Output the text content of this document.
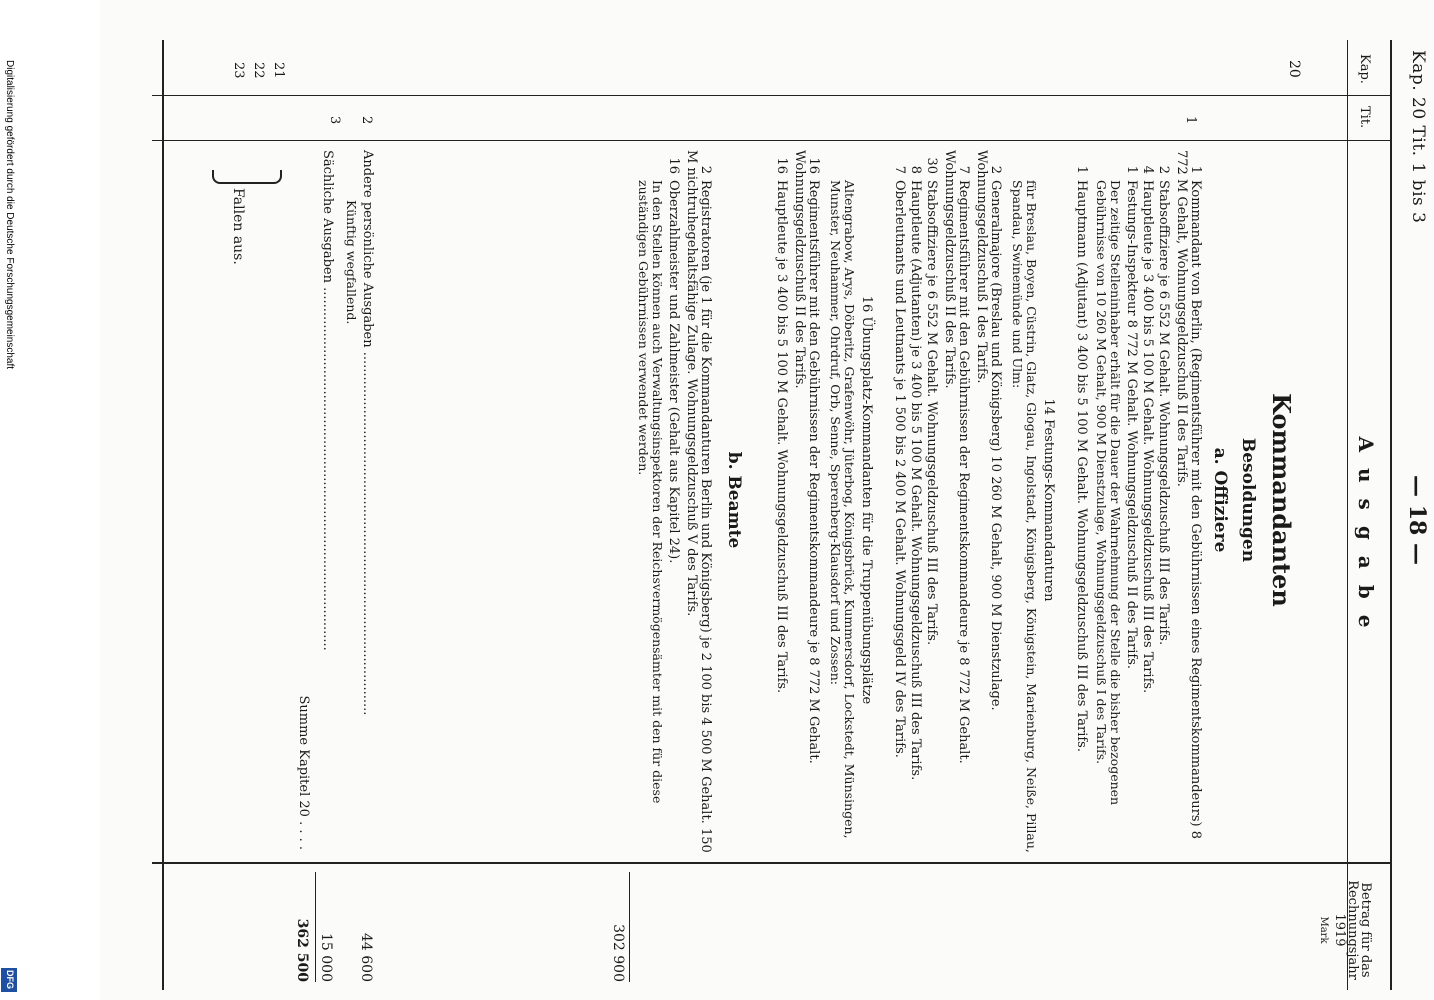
Kap. 20 Tit. 1 bis 3
— 18 —
Kap.
Tit.
Ausgabe
Betrag für das Rechnungsjahr 1919
Mark
20
1
2
3
21
22
23
Kommandanten
Besoldungen
a. Offiziere
1Kommandant von Berlin, (Regimentsführer mit den Gebührnissen eines Regimentskommandeurs) 8 772 M Gehalt, Wohnungsgeldzuschuß II des Tarifs.
2Stabsoffiziere je 6 552 M Gehalt. Wohnungsgeldzuschuß III des Tarifs.
4Hauptleute je 3 400 bis 5 100 M Gehalt. Wohnungsgeldzuschuß III des Tarifs.
1Festungs-Inspekteur 8 772 M Gehalt. Wohnungsgeldzuschuß II des Tarifs.
Der zeitige Stelleninhaber erhält für die Dauer der Wahrnehmung der Stelle die bisher bezogenen Gebührnisse von 10 260 M Gehalt, 900 M Dienstzulage, Wohnungsgeldzuschuß I des Tarifs.
1Hauptmann (Adjutant) 3 400 bis 5 100 M Gehalt. Wohnungsgeldzuschuß III des Tarifs.
14 Festungs-Kommandanturen
für Breslau, Boyen, Cüstrin, Glatz, Glogau, Ingolstadt, Königsberg, Königstein, Marienburg, Neiße, Pillau, Spandau, Swinemünde und Ulm:
2Generalmajore (Breslau und Königsberg) 10 260 M Gehalt, 900 M Dienstzulage. Wohnungsgeldzuschuß I des Tarifs.
7Regimentsführer mit den Gebührnissen der Regimentskommandeure je 8 772 M Gehalt. Wohnungsgeldzuschuß II des Tarifs.
30Stabsoffiziere je 6 552 M Gehalt. Wohnungsgeldzuschuß III des Tarifs.
8Hauptleute (Adjutanten) je 3 400 bis 5 100 M Gehalt. Wohnungsgeldzuschuß III des Tarifs.
7Oberleutnants und Leutnants je 1 500 bis 2 400 M Gehalt. Wohnungsgeld IV des Tarifs.
16 Übungsplatz-Kommandanten für die Truppenübungsplätze
Altengrabow, Arys, Döberitz, Grafenwöhr, Jüterbog, Königsbrück, Kummersdorf, Lockstedt, Münsingen, Munster, Neuhammer, Ohrdruf, Orb, Senne, Sperenberg-Klausdorf und Zossen:
16Regimentsführer mit den Gebührnissen der Regimentskommandeure je 8 772 M Gehalt. Wohnungsgeldzuschuß II des Tarifs.
16Hauptleute je 3 400 bis 5 100 M Gehalt. Wohnungsgeldzuschuß III des Tarifs.
b. Beamte
2Registratoren (je 1 für die Kommandanturen Berlin und Königsberg) je 2 100 bis 4 500 M Gehalt. 150 M nichtruhegehaltsfähige Zulage. Wohnungsgeldzuschuß V des Tarifs.
16Oberzahlmeister und Zahlmeister (Gehalt aus Kapitel 24).
In den Stellen können auch Verwaltungsinspektoren der Reichsvermögensämter mit den für diese zuständigen Gebührnissen verwendet werden.
302 900
Andere persönliche Ausgaben ........................................................................................
Künftig wegfallend.
44 600
Sächliche Ausgaben ........................................................................................
15 000
Fallen aus.
Summe Kapitel 20 . . . .
362 500
Digitalisierung gefördert durch die Deutsche Forschungsgemeinschaft
DFG
